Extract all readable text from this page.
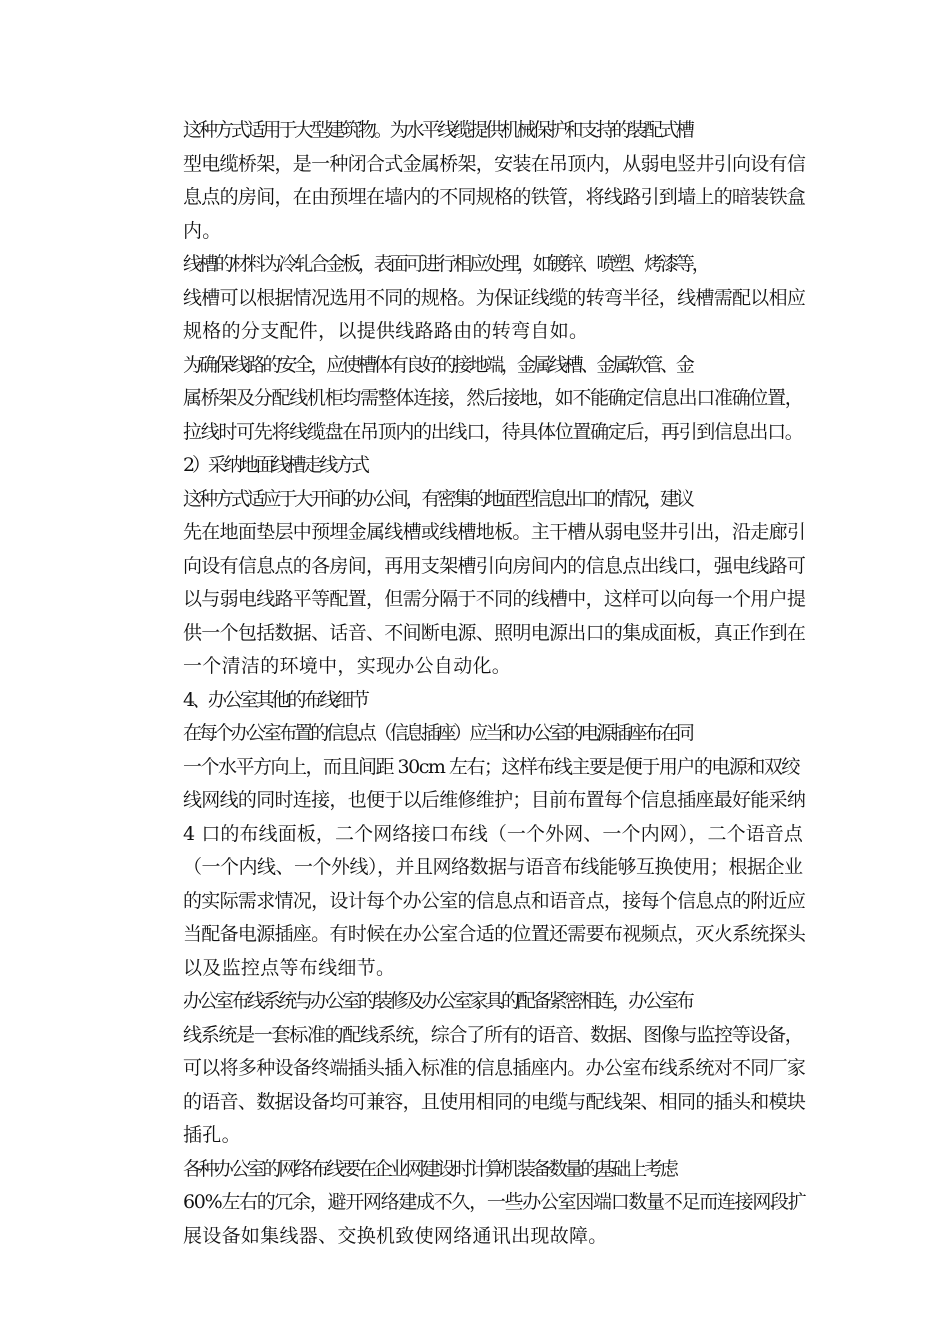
这种方式适用于大型建筑物。为水平线缆提供机械保护和支持的装配式槽
型电缆桥架，是一种闭合式金属桥架，安装在吊顶内，从弱电竖井引向设有信
息点的房间，在由预埋在墙内的不同规格的铁管，将线路引到墙上的暗装铁盒
内。

线槽的材料为冷轧合金板，表面可进行相应处理，如镀锌、喷塑、烤漆等，
线槽可以根据情况选用不同的规格。为保证线缆的转弯半径，线槽需配以相应
规格的分支配件，以提供线路路由的转弯自如。

为确保线路的安全，应使槽体有良好的接地端，金属线槽、金属软管、金
属桥架及分配线机柜均需整体连接，然后接地，如不能确定信息出口准确位置，
拉线时可先将线缆盘在吊顶内的出线口，待具体位置确定后，再引到信息出口。

2）采纳地面线槽走线方式

这种方式适应于大开间的办公间，有密集的地面型信息出口的情况，建议
先在地面垫层中预埋金属线槽或线槽地板。主干槽从弱电竖井引出，沿走廊引
向设有信息点的各房间，再用支架槽引向房间内的信息点出线口，强电线路可
以与弱电线路平等配置，但需分隔于不同的线槽中，这样可以向每一个用户提
供一个包括数据、话音、不间断电源、照明电源出口的集成面板，真正作到在
一个清洁的环境中，实现办公自动化。

4、办公室其他的布线细节

在每个办公室布置的信息点（信息插座）应当和办公室的电源插座布在同
一个水平方向上，而且间距 30cm 左右；这样布线主要是便于用户的电源和双绞
线网线的同时连接，也便于以后维修维护；目前布置每个信息插座最好能采纳
4 口的布线面板，二个网络接口布线（一个外网、一个内网），二个语音点
（一个内线、一个外线），并且网络数据与语音布线能够互换使用；根据企业
的实际需求情况，设计每个办公室的信息点和语音点，接每个信息点的附近应
当配备电源插座。有时候在办公室合适的位置还需要布视频点，灭火系统探头
以及监控点等布线细节。

办公室布线系统与办公室的装修及办公室家具的配备紧密相连，办公室布
线系统是一套标准的配线系统，综合了所有的语音、数据、图像与监控等设备，
可以将多种设备终端插头插入标准的信息插座内。办公室布线系统对不同厂家
的语音、数据设备均可兼容，且使用相同的电缆与配线架、相同的插头和模块
插孔。

各种办公室的网络布线要在企业网建设时计算机装备数量的基础上考虑
60%左右的冗余，避开网络建成不久，一些办公室因端口数量不足而连接网段扩
展设备如集线器、交换机致使网络通讯出现故障。
